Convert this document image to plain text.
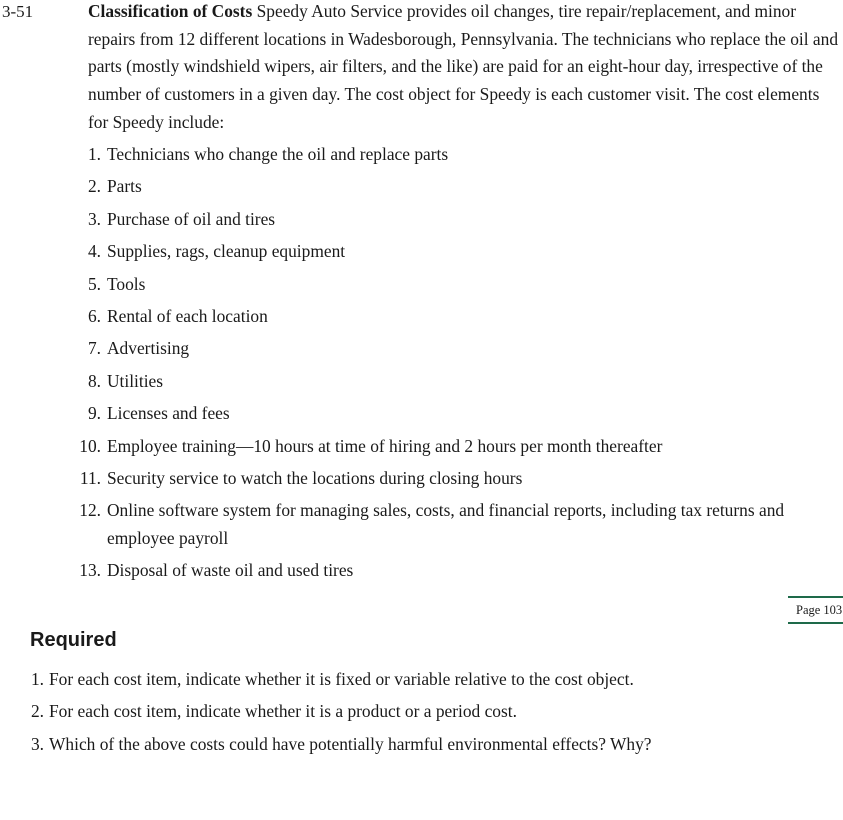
3-51	Classification of Costs Speedy Auto Service provides oil changes, tire repair/replacement, and minor repairs from 12 different locations in Wadesborough, Pennsylvania. The technicians who replace the oil and parts (mostly windshield wipers, air filters, and the like) are paid for an eight-hour day, irrespective of the number of customers in a given day. The cost object for Speedy is each customer visit. The cost elements for Speedy include:

1. Technicians who change the oil and replace parts
2. Parts
3. Purchase of oil and tires
4. Supplies, rags, cleanup equipment
5. Tools
6. Rental of each location
7. Advertising
8. Utilities
9. Licenses and fees
10. Employee training—10 hours at time of hiring and 2 hours per month thereafter
11. Security service to watch the locations during closing hours
12. Online software system for managing sales, costs, and financial reports, including tax returns and employee payroll
13. Disposal of waste oil and used tires
Page 103
Required
1. For each cost item, indicate whether it is fixed or variable relative to the cost object.
2. For each cost item, indicate whether it is a product or a period cost.
3. Which of the above costs could have potentially harmful environmental effects? Why?
